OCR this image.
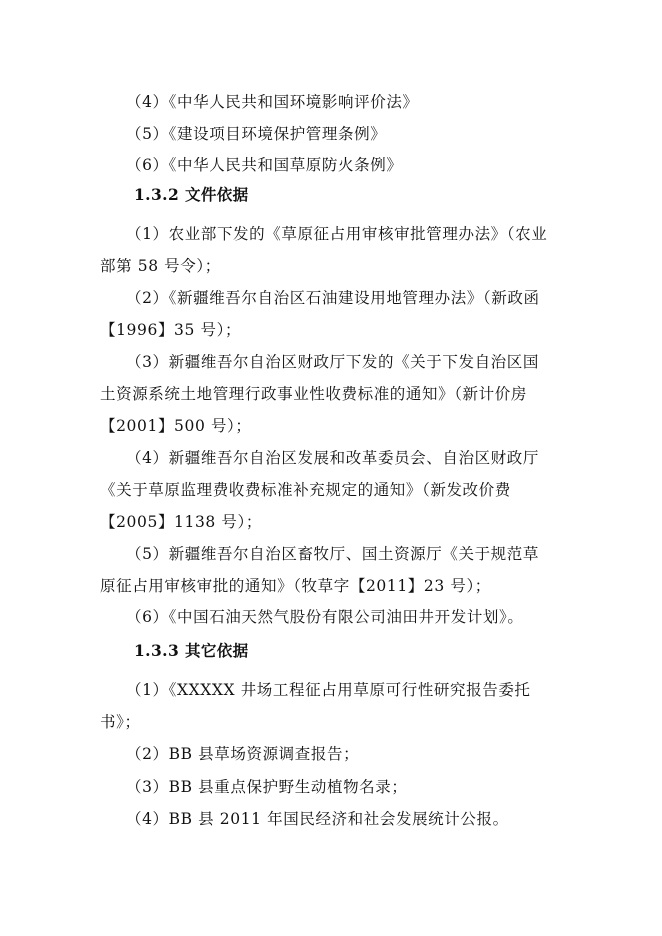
（4）《中华人民共和国环境影响评价法》
（5）《建设项目环境保护管理条例》
（6）《中华人民共和国草原防火条例》
1.3.2 文件依据
（1）农业部下发的《草原征占用审核审批管理办法》（农业
部第 58 号令）；
（2）《新疆维吾尔自治区石油建设用地管理办法》（新政函
【1996】35 号）；
（3）新疆维吾尔自治区财政厅下发的《关于下发自治区国
土资源系统土地管理行政事业性收费标准的通知》（新计价房
【2001】500 号）；
（4）新疆维吾尔自治区发展和改革委员会、自治区财政厅
《关于草原监理费收费标准补充规定的通知》（新发改价费
【2005】1138 号）；
（5）新疆维吾尔自治区畜牧厅、国土资源厅《关于规范草
原征占用审核审批的通知》（牧草字【2011】23 号）；
（6）《中国石油天然气股份有限公司油田井开发计划》。
1.3.3 其它依据
（1）《XXXXX 井场工程征占用草原可行性研究报告委托
书》；
（2）BB 县草场资源调查报告；
（3）BB 县重点保护野生动植物名录；
（4）BB 县 2011 年国民经济和社会发展统计公报。
